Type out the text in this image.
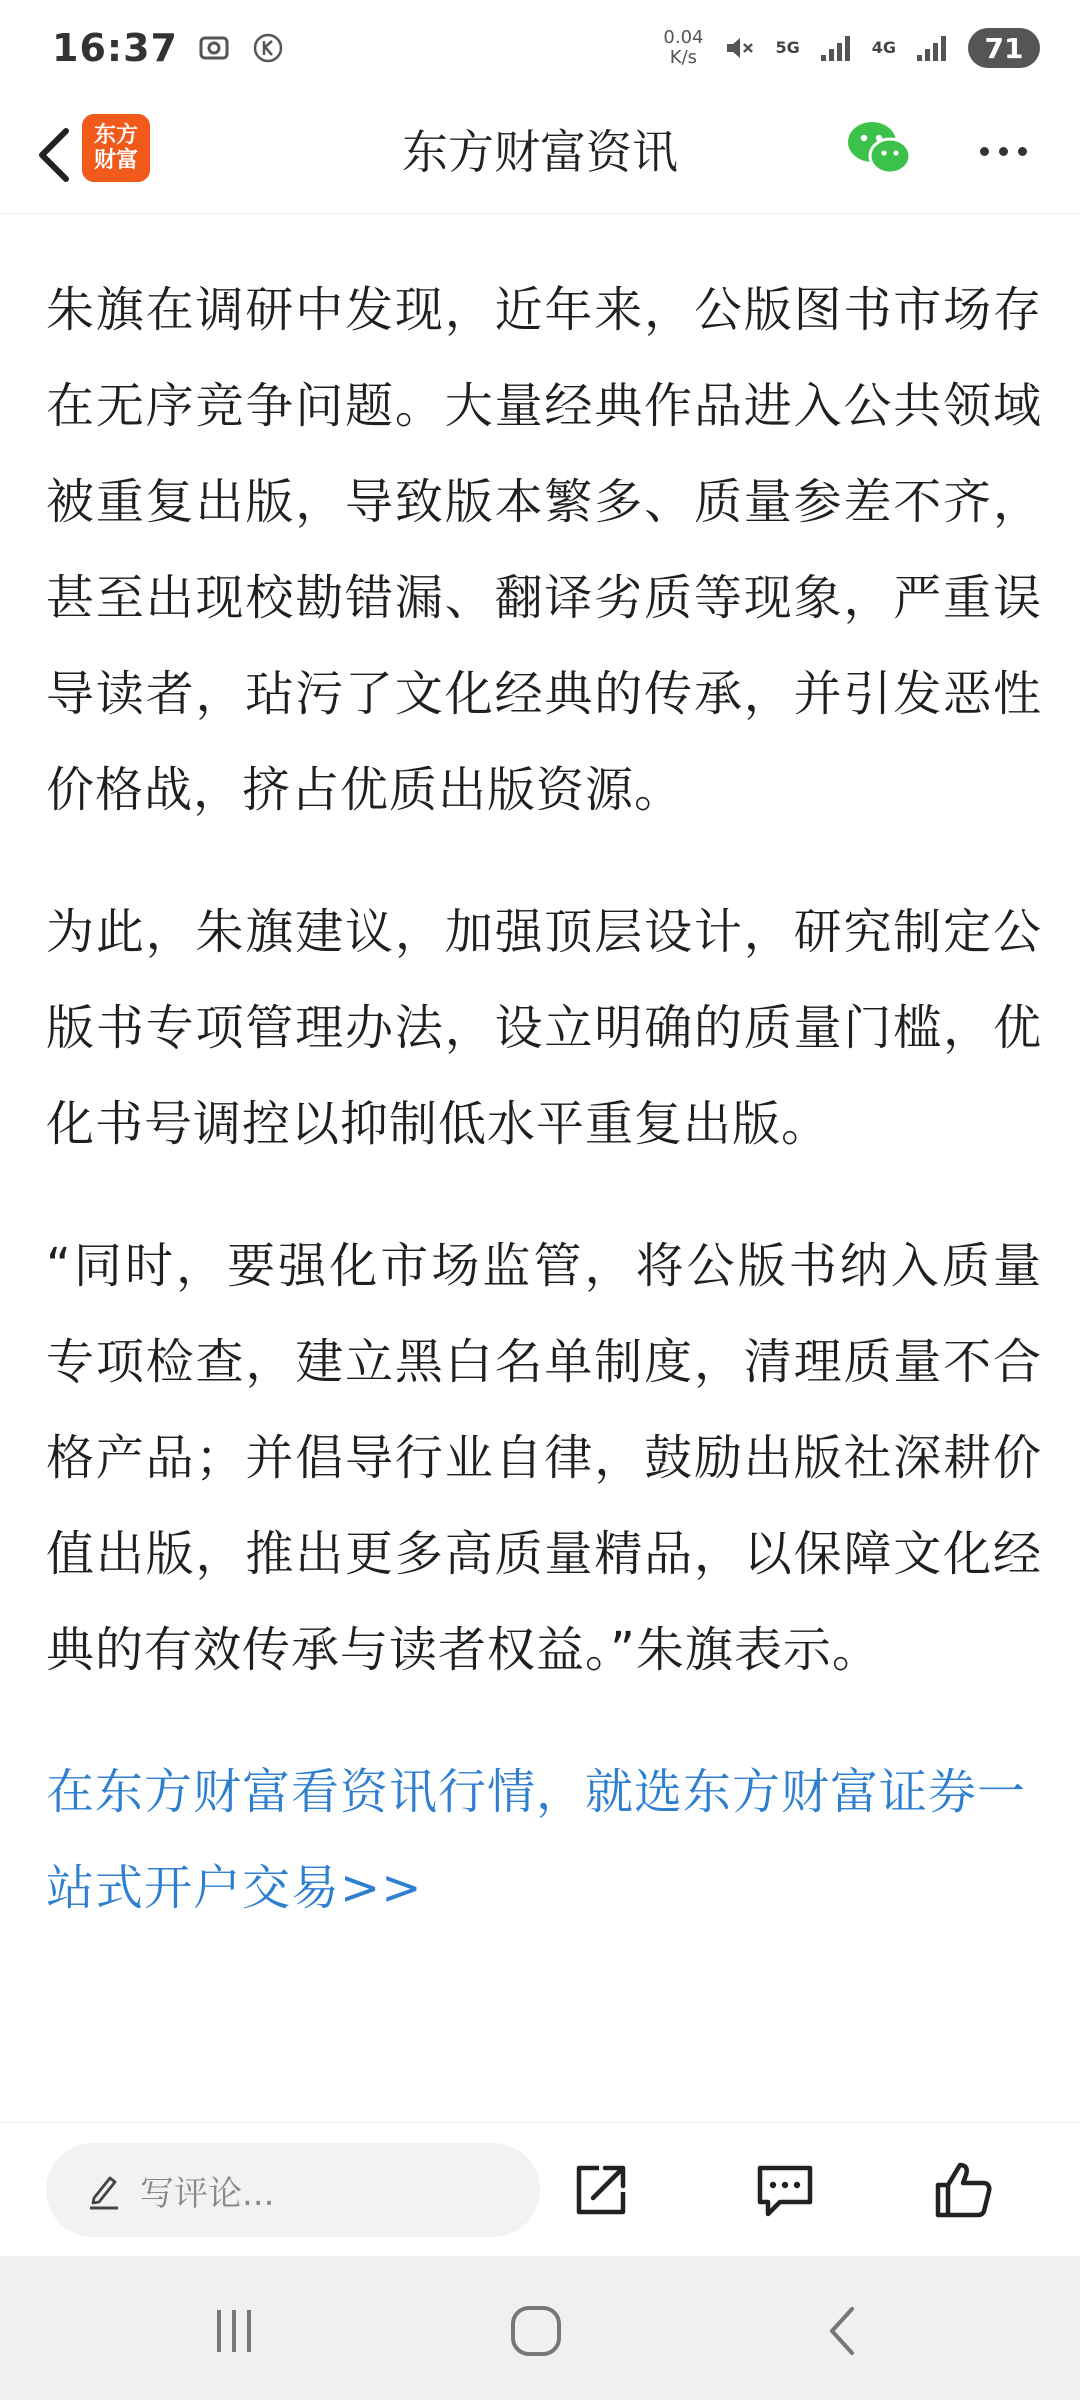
16:37	0.04
K/s	5G	4G	71
东方
财富	东方财富资讯

朱旗在调研中发现，近年来，公版图书市场存在无序竞争问题。大量经典作品进入公共领域被重复出版，导致版本繁多、质量参差不齐，甚至出现校勘错漏、翻译劣质等现象，严重误导读者，玷污了文化经典的传承，并引发恶性价格战，挤占优质出版资源。

为此，朱旗建议，加强顶层设计，研究制定公版书专项管理办法，设立明确的质量门槛，优化书号调控以抑制低水平重复出版。

“同时，要强化市场监管，将公版书纳入质量专项检查，建立黑白名单制度，清理质量不合格产品；并倡导行业自律，鼓励出版社深耕价值出版，推出更多高质量精品，以保障文化经典的有效传承与读者权益。”朱旗表示。

在东方财富看资讯行情，就选东方财富证券一站式开户交易>>

写评论...
